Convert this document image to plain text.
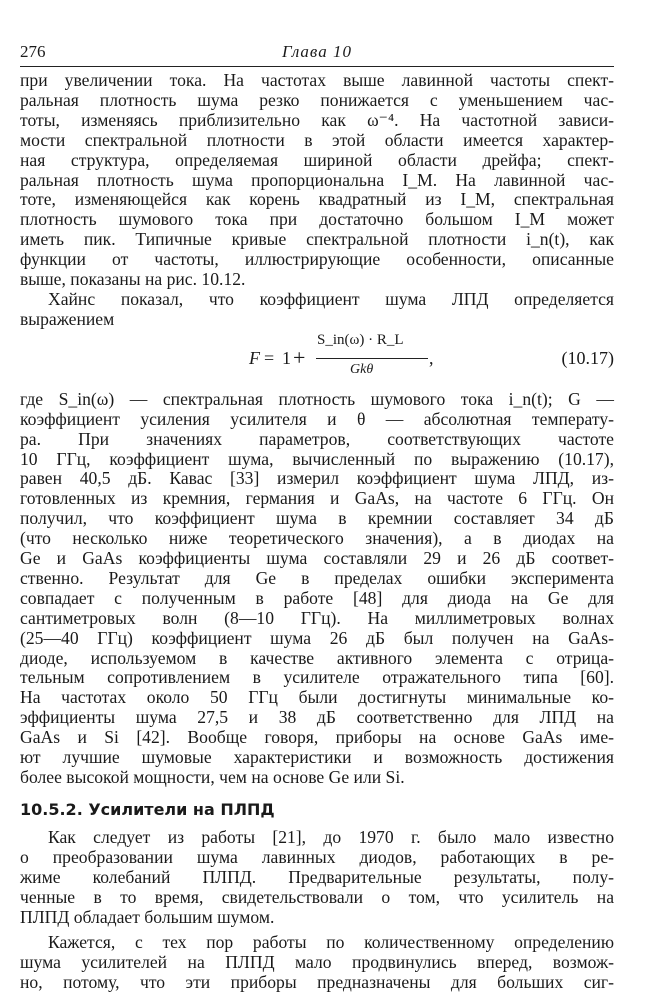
276	Глава 10
при увеличении тока. На частотах выше лавинной частоты спект-
ральная плотность шума резко понижается с уменьшением час-
тоты, изменяясь приблизительно как ω⁻⁴. На частотной зависи-
мости спектральной плотности в этой области имеется характер-
ная структура, определяемая шириной области дрейфа; спект-
ральная плотность шума пропорциональна I_M. На лавинной час-
тоте, изменяющейся как корень квадратный из I_M, спектральная
плотность шумового тока при достаточно большом I_M может
иметь пик. Типичные кривые спектральной плотности i_n(t), как
функции от частоты, иллюстрирующие особенности, описанные
выше, показаны на рис. 10.12.
Хайнс показал, что коэффициент шума ЛПД определяется
выражением
F = 1 +
S_in(ω) · R_L
Gkθ
,	(10.17)
где S_in(ω) — спектральная плотность шумового тока i_n(t); G —
коэффициент усиления усилителя и θ — абсолютная температу-
ра. При значениях параметров, соответствующих частоте
10 ГГц, коэффициент шума, вычисленный по выражению (10.17),
равен 40,5 дБ. Кавас [33] измерил коэффициент шума ЛПД, из-
готовленных из кремния, германия и GaAs, на частоте 6 ГГц. Он
получил, что коэффициент шума в кремнии составляет 34 дБ
(что несколько ниже теоретического значения), а в диодах на
Ge и GaAs коэффициенты шума составляли 29 и 26 дБ соответ-
ственно. Результат для Ge в пределах ошибки эксперимента
совпадает с полученным в работе [48] для диода на Ge для
сантиметровых волн (8—10 ГГц). На миллиметровых волнах
(25—40 ГГц) коэффициент шума 26 дБ был получен на GaAs-
диоде, используемом в качестве активного элемента с отрица-
тельным сопротивлением в усилителе отражательного типа [60].
На частотах около 50 ГГц были достигнуты минимальные ко-
эффициенты шума 27,5 и 38 дБ соответственно для ЛПД на
GaAs и Si [42]. Вообще говоря, приборы на основе GaAs име-
ют лучшие шумовые характеристики и возможность достижения
более высокой мощности, чем на основе Ge или Si.
10.5.2. Усилители на ПЛПД
Как следует из работы [21], до 1970 г. было мало известно
о преобразовании шума лавинных диодов, работающих в ре-
жиме колебаний ПЛПД. Предварительные результаты, полу-
ченные в то время, свидетельствовали о том, что усилитель на
ПЛПД обладает большим шумом.
Кажется, с тех пор работы по количественному определению
шума усилителей на ПЛПД мало продвинулись вперед, возмож-
но, потому, что эти приборы предназначены для больших сиг-
